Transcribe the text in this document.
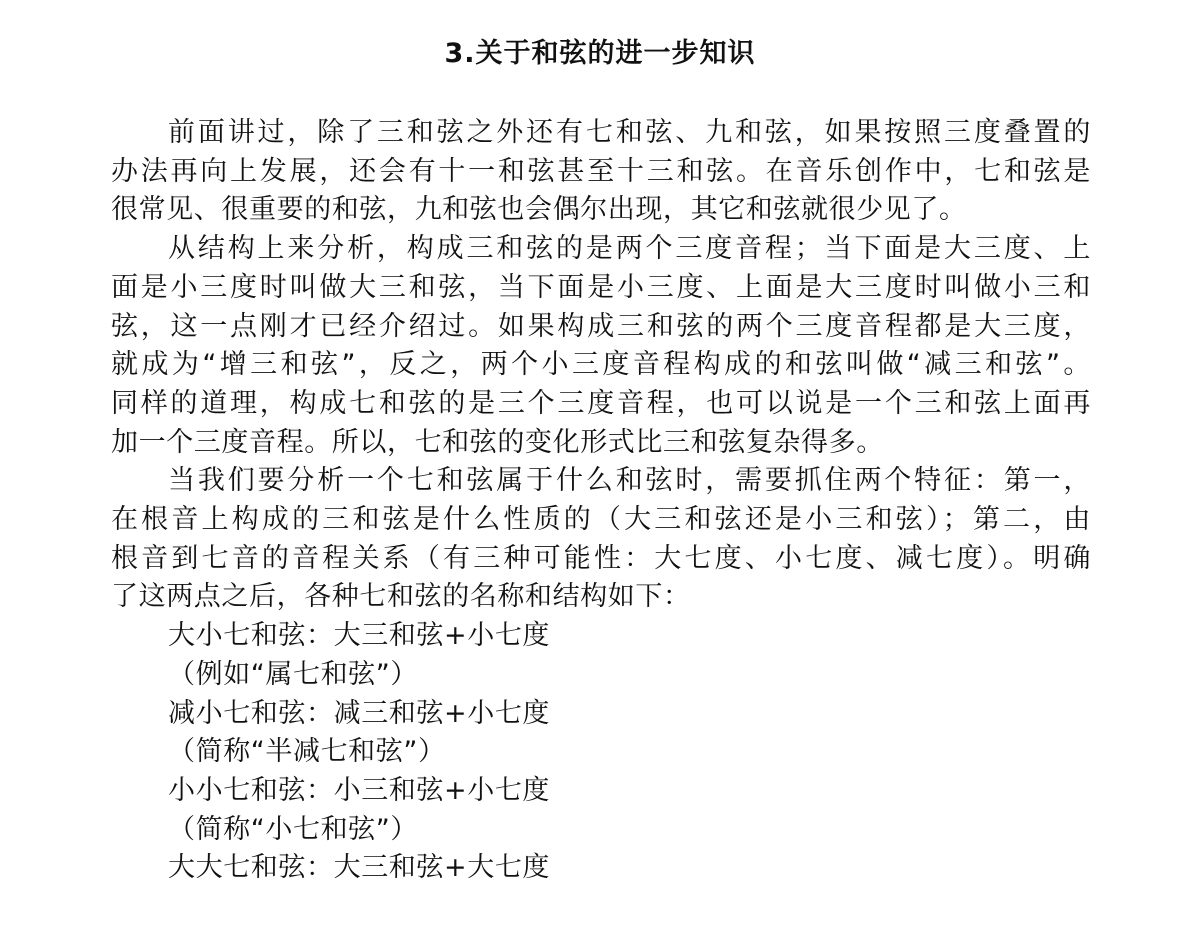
3.关于和弦的进一步知识
前面讲过，除了三和弦之外还有七和弦、九和弦，如果按照三度叠置的
办法再向上发展，还会有十一和弦甚至十三和弦。在音乐创作中，七和弦是
很常见、很重要的和弦，九和弦也会偶尔出现，其它和弦就很少见了。
从结构上来分析，构成三和弦的是两个三度音程；当下面是大三度、上
面是小三度时叫做大三和弦，当下面是小三度、上面是大三度时叫做小三和
弦，这一点刚才已经介绍过。如果构成三和弦的两个三度音程都是大三度，
就成为“增三和弦”，反之，两个小三度音程构成的和弦叫做“减三和弦”。
同样的道理，构成七和弦的是三个三度音程，也可以说是一个三和弦上面再
加一个三度音程。所以，七和弦的变化形式比三和弦复杂得多。
当我们要分析一个七和弦属于什么和弦时，需要抓住两个特征：第一，
在根音上构成的三和弦是什么性质的（大三和弦还是小三和弦）；第二，由
根音到七音的音程关系（有三种可能性：大七度、小七度、减七度）。明确
了这两点之后，各种七和弦的名称和结构如下：
大小七和弦：大三和弦+小七度
（例如“属七和弦”）
减小七和弦：减三和弦+小七度
（简称“半减七和弦”）
小小七和弦：小三和弦+小七度
（简称“小七和弦”）
大大七和弦：大三和弦+大七度
